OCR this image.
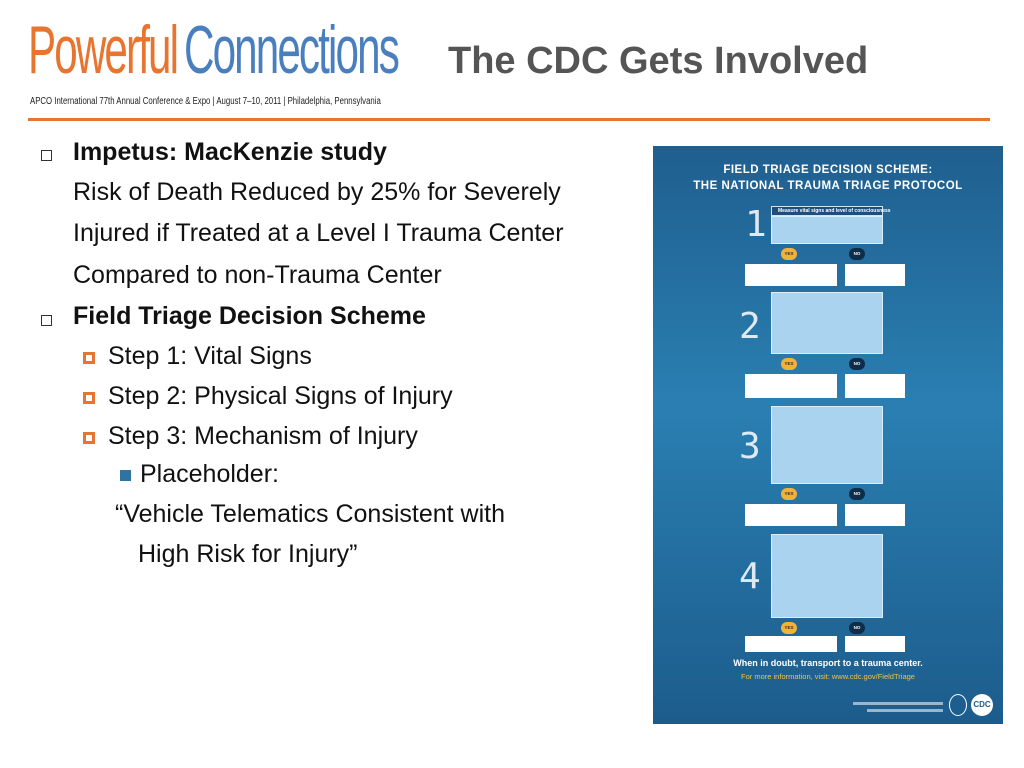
Powerful Connections
APCO International 77th Annual Conference & Expo | August 7–10, 2011 | Philadelphia, Pennsylvania
The CDC Gets Involved
Impetus: MacKenzie study
Risk of Death Reduced by 25% for Severely
Injured if Treated at a Level I Trauma Center
Compared to non-Trauma Center
Field Triage Decision Scheme
Step 1: Vital Signs
Step 2: Physical Signs of Injury
Step 3: Mechanism of Injury
Placeholder:
“Vehicle Telematics Consistent with
High Risk for Injury”
FIELD TRIAGE DECISION SCHEME:
THE NATIONAL TRAUMA TRIAGE PROTOCOL
1 Measure vital signs and level of consciousness
YES	NO
2
YES	NO
3
YES	NO
4
YES	NO
When in doubt, transport to a trauma center.
For more information, visit: www.cdc.gov/FieldTriage
CDC
